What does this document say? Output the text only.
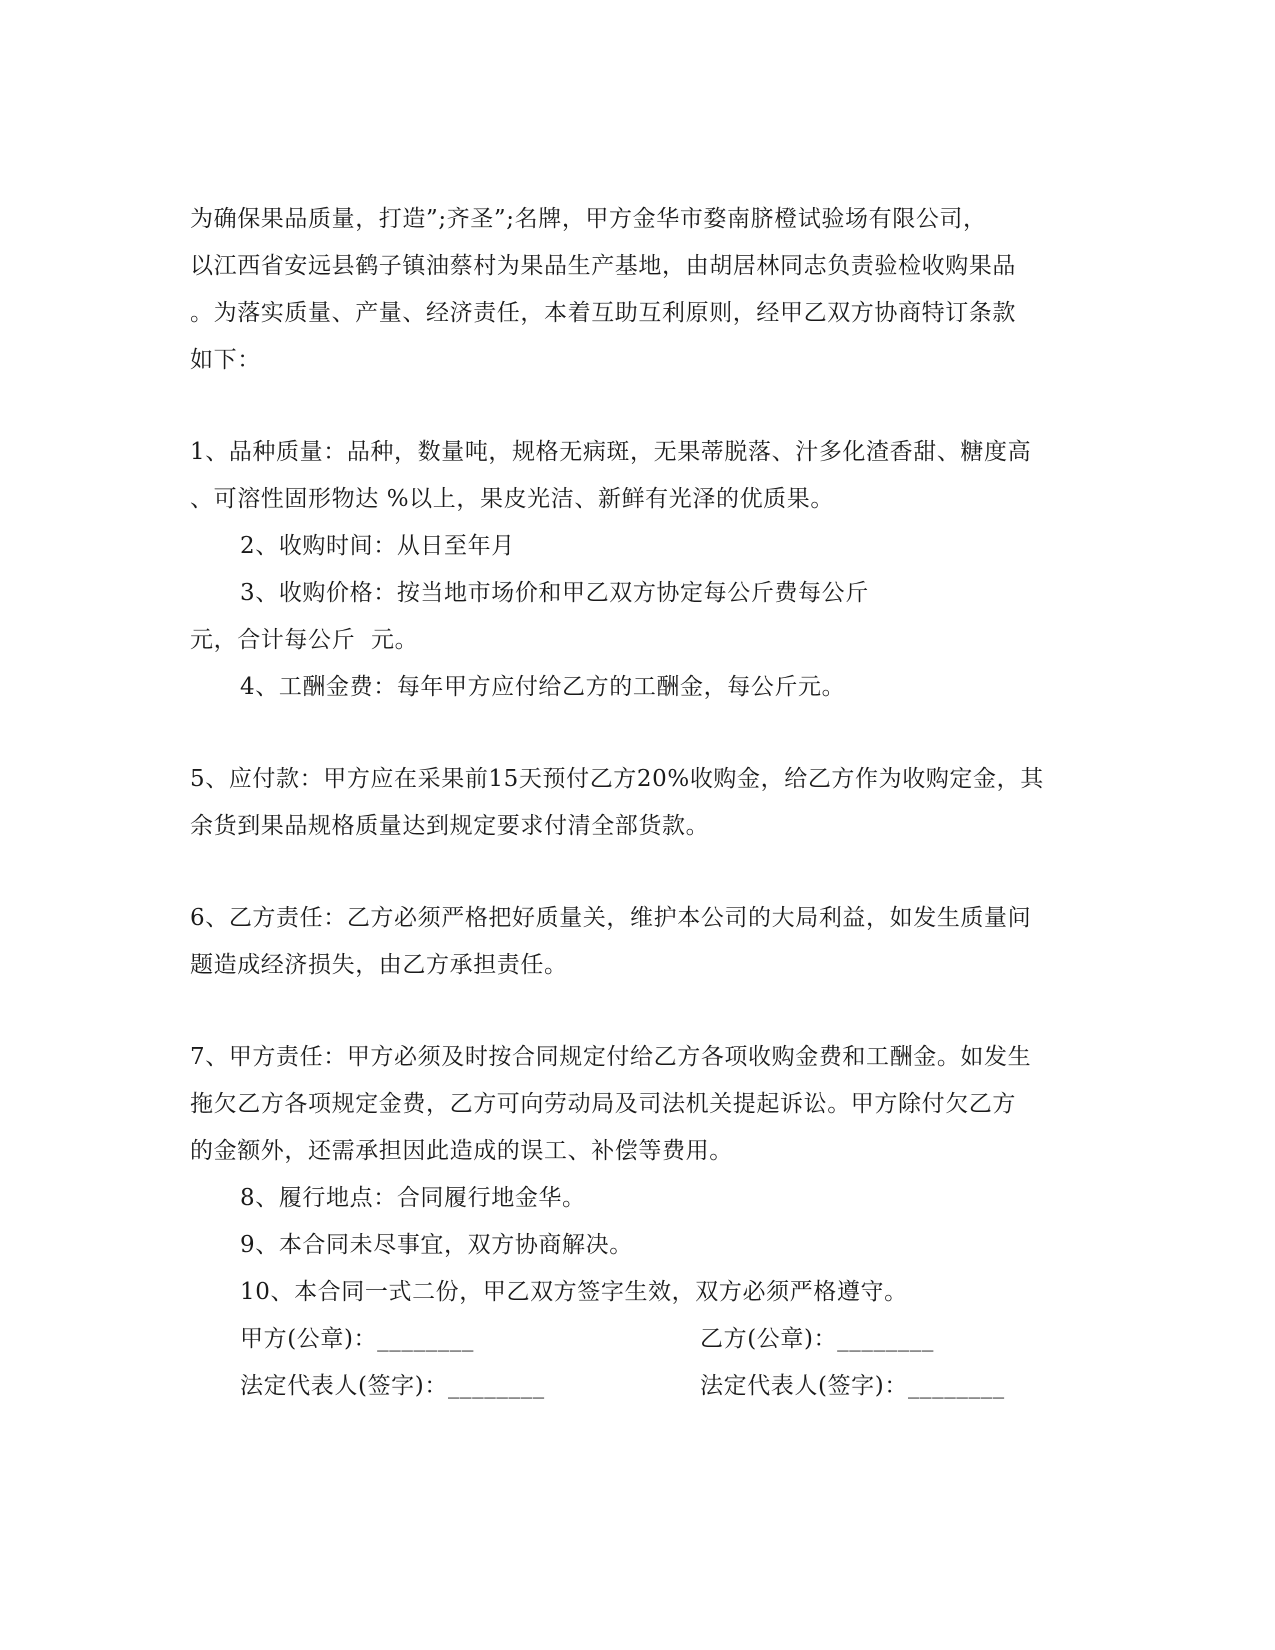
为确保果品质量，打造”;齐圣”;名牌，甲方金华市婺南脐橙试验场有限公司，
以江西省安远县鹤子镇油蔡村为果品生产基地，由胡居林同志负责验检收购果品
。为落实质量、产量、经济责任，本着互助互利原则，经甲乙双方协商特订条款
如下：
1、品种质量：品种，数量吨，规格无病斑，无果蒂脱落、汁多化渣香甜、糖度高
、可溶性固形物达 %以上，果皮光洁、新鲜有光泽的优质果。
2、收购时间：从日至年月
3、收购价格：按当地市场价和甲乙双方协定每公斤费每公斤
元，合计每公斤  元。
4、工酬金费：每年甲方应付给乙方的工酬金，每公斤元。
5、应付款：甲方应在采果前15天预付乙方20%收购金，给乙方作为收购定金，其
余货到果品规格质量达到规定要求付清全部货款。
6、乙方责任：乙方必须严格把好质量关，维护本公司的大局利益，如发生质量问
题造成经济损失，由乙方承担责任。
7、甲方责任：甲方必须及时按合同规定付给乙方各项收购金费和工酬金。如发生
拖欠乙方各项规定金费，乙方可向劳动局及司法机关提起诉讼。甲方除付欠乙方
的金额外，还需承担因此造成的误工、补偿等费用。
8、履行地点：合同履行地金华。
9、本合同未尽事宜，双方协商解决。
10、本合同一式二份，甲乙双方签字生效，双方必须严格遵守。
甲方(公章)：________	乙方(公章)：________
法定代表人(签字)：________	法定代表人(签字)：________
